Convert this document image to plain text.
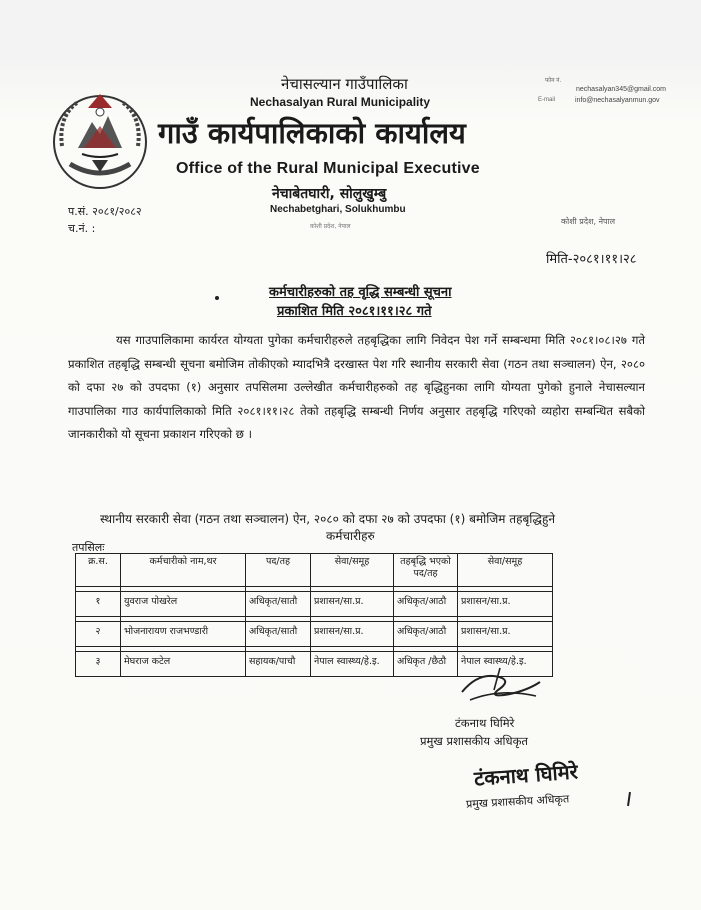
नेचासल्यान गाउँपालिका
Nechasalyan Rural Municipality
गाउँ कार्यपालिकाको कार्यालय
Office of the Rural Municipal Executive
नेचाबेतघारी, सोलुखुम्बु
Nechabetghari, Solukhumbu
कोशी प्रदेश, नेपाल
फोन नं.
nechasalyan345@gmail.com
E-mail	info@nechasalyanmun.gov
प.सं. २०८१/२०८२
च.नं. :
कोशी प्रदेश, नेपाल
मिति-२०८१।११।२८
कर्मचारीहरुको तह वृद्धि सम्बन्धी सूचना
प्रकाशित मिति २०८१।११।२८ गते
यस गाउपालिकामा कार्यरत योग्यता पुगेका कर्मचारीहरुले तहबृद्धिका लागि निवेदन पेश गर्ने सम्बन्धमा मिति २०८१।०८।२७ गते प्रकाशित तहबृद्धि सम्बन्धी सूचना बमोजिम तोकीएको म्यादभित्रै दरखास्त पेश गरि स्थानीय सरकारी सेवा (गठन तथा सञ्चालन) ऐन, २०८० को दफा २७ को उपदफा (१) अनुसार तपसिलमा उल्लेखीत कर्मचारीहरुको तह बृद्धिहुनका लागि योग्यता पुगेको हुनाले नेचासल्यान गाउपालिका गाउ कार्यपालिकाको मिति २०८१।११।२८ तेको तहबृद्धि सम्बन्धी निर्णय अनुसार तहबृद्धि गरिएको व्यहोरा सम्बन्धित सबैको जानकारीको यो सूचना प्रकाशन गरिएको छ ।
स्थानीय सरकारी सेवा (गठन तथा सञ्चालन) ऐन, २०८० को दफा २७ को उपदफा (१) बमोजिम तहबृद्धिहुने
कर्मचारीहरु
तपसिलः
क्र.स.	कर्मचारीको नाम,थर	पद/तह	सेवा/समूह	तहबृद्धि भएको पद/तह	सेवा/समूह

१	युवराज पोखरेल	अधिकृत/सातौ	प्रशासन/सा.प्र.	अधिकृत/आठौ	प्रशासन/सा.प्र.

२	भोजनारायण राजभण्डारी	अधिकृत/सातौ	प्रशासन/सा.प्र.	अधिकृत/आठौ	प्रशासन/सा.प्र.

३	मेघराज कटेल	सहायक/पाचौ	नेपाल स्वास्थ्य/हे.इ.	अधिकृत /छैठौ	नेपाल स्वास्थ्य/हे.इ.
टंकनाथ घिमिरे
प्रमुख प्रशासकीय अधिकृत
टंकनाथ घिमिरे
प्रमुख प्रशासकीय अधिकृत
